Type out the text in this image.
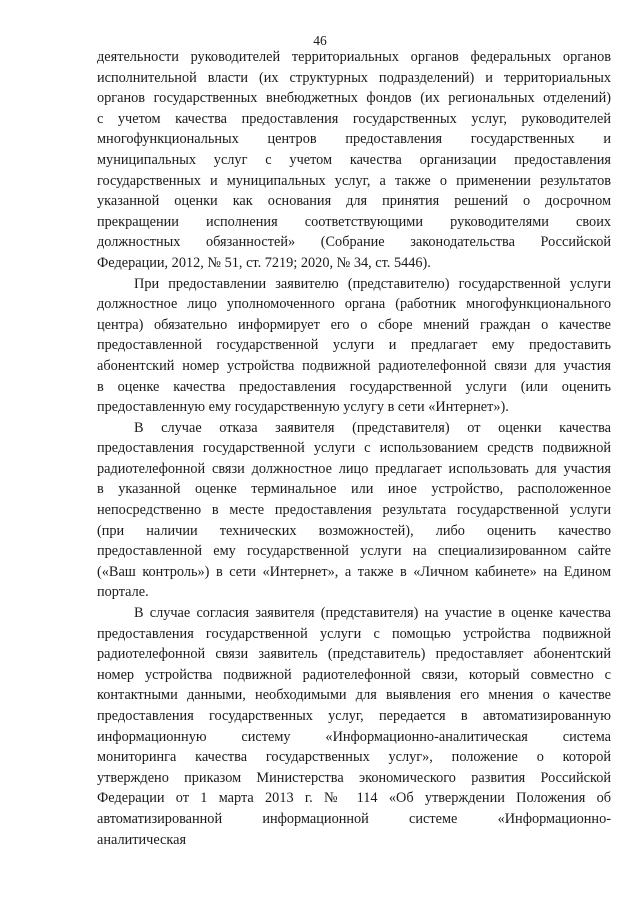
46
деятельности руководителей территориальных органов федеральных органов
исполнительной власти (их структурных подразделений) и территориальных
органов государственных внебюджетных фондов (их региональных отделений)
с учетом качества предоставления государственных услуг, руководителей
многофункциональных центров предоставления государственных и
муниципальных услуг с учетом качества организации предоставления
государственных и муниципальных услуг, а также о применении результатов
указанной оценки как основания для принятия решений о досрочном
прекращении исполнения соответствующими руководителями своих
должностных обязанностей» (Собрание законодательства Российской
Федерации, 2012, № 51, ст. 7219; 2020, № 34, ст. 5446).
При предоставлении заявителю (представителю) государственной услуги
должностное лицо уполномоченного органа (работник многофункционального
центра) обязательно информирует его о сборе мнений граждан о качестве
предоставленной государственной услуги и предлагает ему предоставить
абонентский номер устройства подвижной радиотелефонной связи для участия
в оценке качества предоставления государственной услуги (или оценить
предоставленную ему государственную услугу в сети «Интернет»).
В случае отказа заявителя (представителя) от оценки качества
предоставления государственной услуги с использованием средств подвижной
радиотелефонной связи должностное лицо предлагает использовать для участия
в указанной оценке терминальное или иное устройство, расположенное
непосредственно в месте предоставления результата государственной услуги
(при наличии технических возможностей), либо оценить качество
предоставленной ему государственной услуги на специализированном сайте
(«Ваш контроль») в сети «Интернет», а также в «Личном кабинете» на Едином
портале.
В случае согласия заявителя (представителя) на участие в оценке качества
предоставления государственной услуги с помощью устройства подвижной
радиотелефонной связи заявитель (представитель) предоставляет абонентский
номер устройства подвижной радиотелефонной связи, который совместно с
контактными данными, необходимыми для выявления его мнения о качестве
предоставления государственных услуг, передается в автоматизированную
информационную систему «Информационно-аналитическая система
мониторинга качества государственных услуг», положение о которой
утверждено приказом Министерства экономического развития Российской
Федерации от 1 марта 2013 г. № 114 «Об утверждении Положения об
автоматизированной информационной системе «Информационно-
аналитическая
